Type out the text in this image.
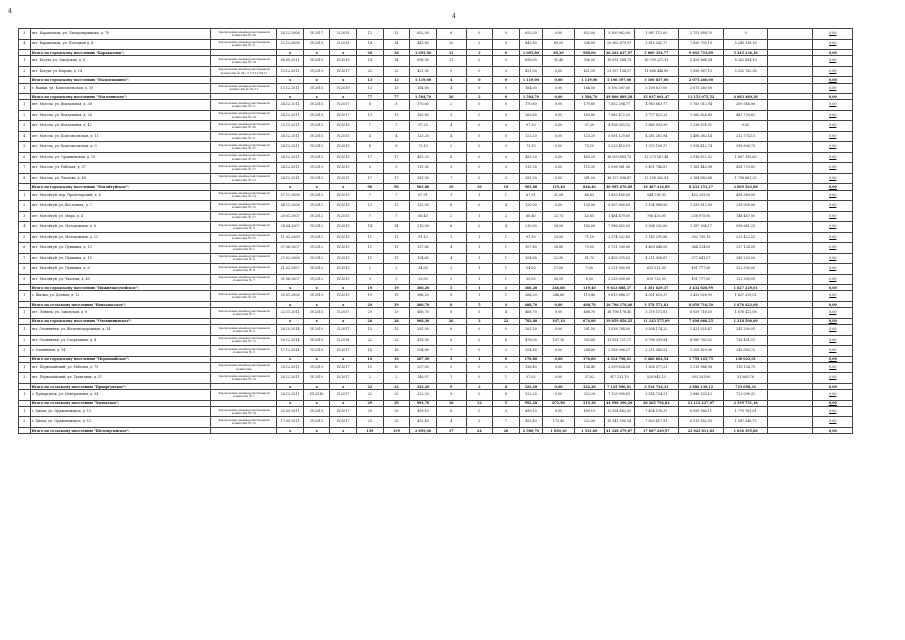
4
4
3	пгт. Каракалпак, ул. Лаперондажкова, д. 70	Заключение межведомственной комиссии № 24	24.12.2006	IV.2017	II.2019	12	12	652,00	6	0	0	652,00	0,00	652,00	5 300 962,00	1 987 112,00	1 751 958,70	0		0,00
4	пгт. Каракалпак, ул. Полоцкая д. 4	Заключение межведомственной комиссии № 11	22.12.2008	IV.2015	II.2019	14	14	443,80	25	2	0	443,80	69,20	336,00	20 962 675,97	3 813 242,77	7 850 795,19	5 245 136,16		0,00
	Итого по городскому поселению "Каракалпак":		х	х	х	26	26	1 095,80	31	2	0	1 095,80	69,20	988,00	26 263 637,97	5 800 354,77	9 602 753,89	5 245 136,16		0,00
1	пгт. Богуш, ул. Заводская, д. 6	Заключение межведомственной комиссии № 18	06.09.2011	IV.2015	IV.2019	14	14	698,00	11	2	0	698,00	91,40	306,00	10 691 584,75	16 709 227,31	5 429 864,94	8 262 834,10		0,00
2	пгт. Богуш, ул. Кирова, д. 14	Заключение межведомственной комиссии № 24 от 13.12.2011	13.12.2011	IV.2015	IV.2017	22	22	421,00	9	0	0	421,00	0,00	421,00	21 957 134,37	11 856 446,89	1 858 567,13	5 332 782,36		0,00
	Итого по городскому поселению "Малоплашино":		х	х	х	13	13	1 119,00	4	0	0	1 119,00	0,00	1 119,00	5 190 397,00	3 100 837,00	2 075 260,00			0,00
1	г. Вашки, ул. Комсомольская, д. 19	Заключение межведомственной комиссии № 32-11	13.12.2011	IV.2015	IV.2019	13	13	164,00	4	0	0	164,00	0,00	164,00	5 190 397,00	3 100 837,00	2 075 260,00			0,00
	Итого по городскому поселению "Могочинское":		х	х	х	77	77	1 584,70	20	2	0	1 584,70	0,00	1 584,70	49 806 889,28	35 037 061,47	11 153 075,52	4 683 460,38		0,00
1	пгт. Могоча, ул. Вокзальная, д. 36	Заключение межведомственной комиссии № 11	24.12.2011	IV.2015	IV.2017	8	8	170,60	2	0	0	170,60	0,00	170,60	7 652 294,77	4 983 863,77	1 783 912,94	289 548,06		0,00
2	пгт. Могоча, ул. Вокзальная, д. 28	Заключение межведомственной комиссии № 14	24.12.2011	IV.2015	IV.2017	13	13	163,80	3	0	0	163,80	0,00	163,80	7 865 472,33	5 777 422,23	1 360 824,49	482 730,61		0,00
3	пгт. Могоча, ул. Вокзальная, д. 42	Заключение межведомственной комиссии № 26	25.11.2011	IV.2015	IV.2019	7	7	97,20	4	0	0	97,20	0,00	97,20	4 958 303,32	3 685 593,99	1 236 674,91	0,00		0,00
4	пгт. Могоча, ул. Комсомольская, д. 11	Заключение межведомственной комиссии № 11	24.12.2011	IV.2015	IV.2015	4	4	123,20	4	0	0	123,20	0,00	123,20	5 081 129,60	4 281 283,94	1 488 382,14	212 774,13		0,00
5	пгт. Могоча, ул. Комсомольская, д. 9	Заключение межведомственной комиссии № 27	24.12.2011	IV.2015	IV.2015	8	8	73,10	2	0	0	73,10	0,00	73,10	3 225 410,19	1 375 100,37	1 058 412,74	398 806,73		0,00
6	пгт. Могоча, ул. Оранжевская, д. 19	Заключение межведомственной комиссии № 22	24.12.2011	IV.2015	IV.2015	17	17	455,20	8	0	0	455,20	0,00	455,20	18 009 845,75	13 273 167,48	2 916 672,52	1 807 393,63		0,00
7	пгт. Могоча, ул. Рабочая, д. 37	Заключение межведомственной комиссии № 17	24.12.2011	IV.2015	IV.2015	5	5	115,30	3	0	0	115,30	0,00	115,30	5 096 961,06	3 491 746,87	1 163 445,98	438 739,81		0,00
8	пгт. Могоча, ул. Чкалова, д. 48	Заключение межведомственной комиссии № 12	24.12.2011	IV.2015	IV.2011	17	17	381,50	7	0	0	381,50	0,00	381,50	16 127 596,87	12 158 262,81	2 164 683,68	1 798 661,29		0,00
	Итого по городскому поселению "Могойтуйское":		х	х	х	96	96	965,80	19	10	19	965,80	119,40	846,40	30 995 670,89	19 487 414,89	8 233 151,27	3 069 563,88		0,00
1	пгт. Могойтуй, пер. Пролетарский, д. 4	Заключение межведомственной комиссии № 10	07.11.2008	IV.2012	IV.2015	7	7	67,91	1	1	1	67,91	21,08	46,83	1 855 400,00	544 738,00	432 293,92	498 369,00		0,00
2	пгт. Могойтуй, ул. Восточная, д. 7	Заключение межведомственной комиссии № 12	04.11.2008	IV.2012	IV.2015	13	13	120,00	6	0	4	120,00	0,00	120,00	5 907 600,00	3 194 968,00	1 399 612,00	216 000,00		0,00
3	пгт. Могойтуй, ул. Мира, д. 4	Заключение межведомственной комиссии № 17	20.01.2007	IV.2012	IV.2015	7	7	66,40	2	1	2	66,40	22,75	43,65	1 484 479,00	706 433,00	238 975,00	148 467,00		0,00
4	пгт. Могойтуй, ул. Молодежная, д. 6	Заключение межведомственной комиссии № 3	28.04.2007	IV.2012	IV.2015	14	14	210,00	6	2	4	210,00	28,00	182,00	7 986 852,00	5 004 292,00	1 187 904,17	596 661,25		0,00
5	пгт. Могойтуй, ул. Молодежная, д. 11	Заключение межведомственной комиссии № 15	11.03.2009	IV.2012	IV.2015	11	11	91,10	1	1	1	91,10	20,00	71,10	2 274 022,89	3 145 291,86	303 795,19	225 422,25		0,00
6	пгт. Могойтуй, ул. Пушкина, д. 13	Заключение межведомственной комиссии № 1	07.08.2007	IV.2012	IV.2015	11	11	107,80	4	1	1	107,80	28,80	79,00	2 731 200,00	4 469 848,00	944 214,00	237 124,00		0,00
7	пгт. Могойтуй, ул. Пушкина, д. 15	Заключение межведомственной комиссии № 6	27.02.2008	IV.2012	IV.2015	11	11	104,60	4	1	1	104,60	22,90	81,70	2 455 075,02	4 211 956,87	577 641,07	245 203,50		0,00
8	пгт. Могойтуй, ул. Пушкина, д. 6	Заключение межведомственной комиссии № 9	21.03.2007	IV.2012	IV.2015	2	2	34,00	2	1	1	34,00	27,00	7,00	2 211 000,00	619 321,00	491 777,00	122 500,00		0,00
9	пгт. Могойтуй, ул. Чкалова, д. 49	Заключение межведомственной комиссии № 7	01.06.2007	IV.2012	IV.2015	9	9	33,00	2	1	1	33,00	26,50	6,50	2 255 000,00	619 723,00	491 777,00	122 500,00		0,00
	Итого по городскому поселению "Нижнецасучейское":		х	х	х	19	19	366,20	5	1	1	366,20	246,80	119,40	9 613 888,37	4 301 629,37	3 432 028,99	1 627 229,01		0,00
1	с. Шилка, ул. Дачная, д. 12	Заключение межведомственной комиссии № 14	03.01.2006	IV.2015	IV.2015	19	19	366,20	5	1	1	366,20	246,80	119,40	9 613 888,37	4 301 629,37	3 432 028,99	1 627 229,01		0,00
	Итого по сельскому поселению "Новоспасское":		х	х	х	29	29	468,70	8	5	4	468,70	0,00	468,70	16 796 178,40	3 378 571,81	8 059 716,50	1 676 422,08		0,00
1	пгт. Ленина, ул. Заводская, д. 8	Заключение межведомственной комиссии № 7	22.11.2011	IV.2015	II.2017	29	29	468,70	8	5	4	468,70	0,00	468,70	16 796 178,40	3 378 571,81	8 059 716,50	1 676 422,08		0,00
	Итого по городскому поселению "Оловяннинское":		х	х	х	26	26	968,30	26	2	22	782,80	107,10	674,80	19 859 856,25	11 143 575,09	7 498 066,25	1 218 506,00		0,00
1	пгт. Оловянная, ул. Железнодорожная, д. 14	Заключение межведомственной комиссии № 3	28.10.2014	IV.2015	II.2017	15	15	281,50	6	0	5	281,50	0,00	281,50	1 038 764,00	3 504 174,22	1 431 925,47	241 200,05		0,00
2	пгт. Оловянная, ул. Спортивная, д. 4	Заключение межведомственной комиссии № 12	09.12.2014	IV.2015	II.2018	22	22	478,00	8	2	6	478,00	107,10	303,60	11 951 721,17	6 796 399,84	4 980 760,52	738 451,21		0,00
3	с. Оловянная, д. 14	Заключение межведомственной комиссии № 3	17.12.2014	IV.2015	IV.2017	16	16	204,80	7	0	3	204,80	0,00	204,80	2 956 906,27	2 211 365,51	1 209 829,96	245 085,72		0,00
	Итого по городскому поселению "Первомайское":		х	х	х	10	10	207,50	5	1	0	176,60	0,00	176,60	4 314 798,41	3 466 604,54	1 759 145,75	130 022,01		0,00
1	пгт. Первомайский, ул. Рабочая, д. 75	Заключение межведомственной комиссии	20.12.2011	IV.2015	IV.2017	10	10	207,50	5	0	2	136,40	0,00	136,40	2 399 624,00	1 836 577,21	1 213 964,98	118 136,75		0,00
2	пгт. Первомайский, ул. Трактовая, д. 37	Заключение межведомственной комиссии № 10	20.12.2011	IV.2015	IV.2017	2	2	140,07	1	0	1	37,02	0,00	37,02	917 131,19	520 841,13	393 281,00	31 885,76		0,00
	Итого по сельскому поселению "Приаргунское":		х	х	х	22	22	322,20	9	2	8	322,20	0,00	322,20	7 125 990,81	3 514 724,31	3 886 130,12	723 098,32		0,00
1	с. Приаргунск, ул. Центральная, д. 34	Заключение межведомственной комиссии № 1	26.12.2011	III.2016	II.2017	22	22	322,20	9	0	8	322,20	0,00	322,20	7 125 990,81	3 514 724,31	3 886 130,12	723 098,32		0,00
	Итого по сельскому поселению "Хилокское":		х	х	х	29	29	992,70	16	12	5	992,20	672,90	319,30	44 998 390,20	26 265 794,82	21 112 227,07	2 539 751,18		0,00
1	г. Хилок, ул. Орджоникидзе, д. 13	Заключение межведомственной комиссии № 10	25.09.2011	IV.2015	IV.2017	29	29	499,10	8	0	3	499,10	0,00	499,10	12 554 482,00	7 404 576,37	6 059 566,11	1 775 761,01		0,00
2	г. Хилок, ул. Орджоникидзе, д. 12	Заключение межведомственной комиссии № 12	17.09.2011	IV.2015	IV.2017	25	25	492,40	4	2	7	492,40	170,40	322,00	15 541 595,54	7 603 417,91	6 519 182,59	1 547 046,73		0,00
	Итого по сельскому поселению "Шелопугинское":		х	х	х	139	139	2 895,00	37	24	20	2 580,70	1 050,10	1 531,60	41 328 279,87	17 687 229,97	22 022 811,83	1 636 395,80		0,00
